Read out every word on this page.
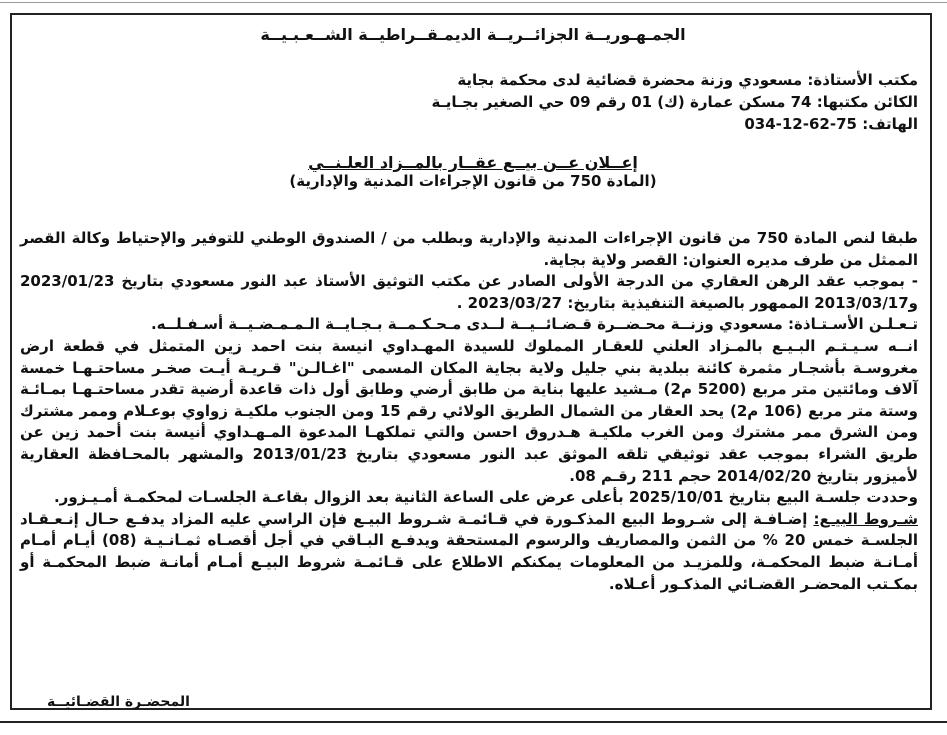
الجمـهـوريــة الجزائــريــة الديمـقــراطيــة الشــعـبـيــة
مكتب الأستاذة: مسعودي وزنة محضرة قضائية لدى محكمة بجاية
الكائن مكتبها: 74 مسكن عمارة (ك) 01 رقم 09 حي الصغير بجـايـة
الهاتف: 75-62-12-034
إعــلان عــن بيــع عقــار بالمــزاد العلـنــي
(المادة 750 من قانون الإجراءات المدنية والإدارية)

طبقا لنص المادة 750 من قانون الإجراءات المدنية والإدارية وبطلب من / الصندوق الوطني للتوفير والإحتياط وكالة القصر الممثل من طرف مديره العنوان: القصر ولاية بجاية.

- بموجب عقد الرهن العقاري من الدرجة الأولى الصادر عن مكتب التوثيق الأستاذ عبد النور مسعودي بتاريخ 2023/01/23 و2013/03/17 الممهور بالصيغة التنفيذية بتاريخ: 2023/03/27 .

تـعـلـن الأسـتـاذة: مسعودي وزنــة محـضــرة قـضـائــيــة لــدى مـحـكـمــة بـجـايــة الـمـمـضـيــة أسـفـلــه.

انــه سـيـتـم البـيـع بالمـزاد العلني للعقـار المملوك للسيدة المهـداوي انيسة بنت احمد زين المتمثل في قطعة ارض مغروسـة بأشجـار مثمرة كائنة ببلدية بني جليل ولاية بجاية المكان المسمى "اغـالـن" قـريـة أيـت صخـر مساحتـهـا خمسة آلاف ومائتين متر مربع (5200 م2) مـشيد عليها بناية من طابق أرضي وطابق أول ذات قاعدة أرضية تقدر مساحتـهـا بمـائـة وستة متر مربع (106 م2) يحد العقار من الشمال الطريق الولائي رقم 15 ومن الجنوب ملكيـة زواوي بوعـلام وممر مشترك ومن الشرق ممر مشترك ومن الغرب ملكيـة هـدروق احسن والتي تملكهـا المدعوة المـهـداوي أنيسة بنت أحمد زين عن طريق الشراء بموجب عقد توثيقي تلقه الموثق عبد النور مسعودي بتاريخ 2013/01/23 والمشهر بالمحـافظة العقارية لأميزور بتاريخ 2014/02/20 حجم 211 رقـم 08.

وحددت جلسـة البيع بتاريخ 2025/10/01 بأعلى عرض على الساعة الثانية بعد الزوال بقاعـة الجلسـات لمحكمـة أمـيـزور.

شـروط البيـع: إضـافـة إلى شـروط البيع المذكـورة في قـائمـة شـروط البيـع فإن الراسي عليه المزاد يدفـع حـال إنـعـقـاد الجلسـة خمس 20 % من الثمن والمصاريف والرسوم المستحقة ويدفـع البـاقي في أجل أقصـاه ثمـانـيـة (08) أيـام أمـام أمـانـة ضبط المحكمـة، وللمزيـد من المعلومات يمكنكم الاطلاع على قـائمـة شروط البيـع أمـام أمانـة ضبط المحكمـة أو بمكـتب المحضـر القضـائي المذكـور أعـلاه.

المحضـرة القضـائيــة
